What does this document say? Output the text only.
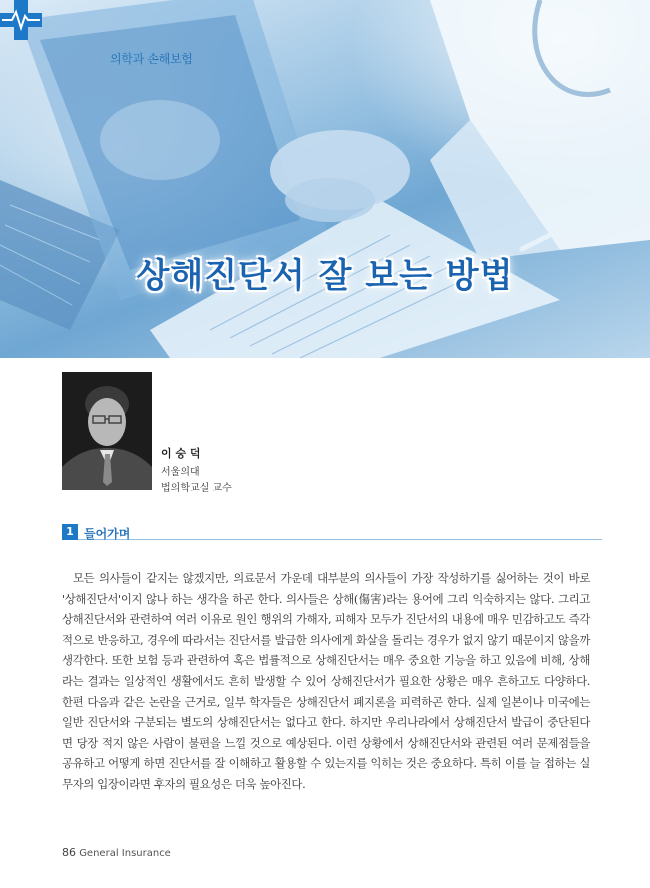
의학과 손해보험
상해진단서 잘 보는 방법
이 숭 덕
서울의대
법의학교실 교수
1 들어가며

모든 의사들이 같지는 않겠지만, 의료문서 가운데 대부분의 의사들이 가장 작성하기를 싫어하는 것이 바로 '상해진단서'이지 않나 하는 생각을 하곤 한다. 의사들은 상해(傷害)라는 용어에 그리 익숙하지는 않다. 그리고 상해진단서와 관련하여 여러 이유로 원인 행위의 가해자, 피해자 모두가 진단서의 내용에 매우 민감하고도 즉각적으로 반응하고, 경우에 따라서는 진단서를 발급한 의사에게 화살을 돌리는 경우가 없지 않기 때문이지 않을까 생각한다. 또한 보험 등과 관련하여 혹은 법률적으로 상해진단서는 매우 중요한 기능을 하고 있음에 비해, 상해라는 결과는 일상적인 생활에서도 흔히 발생할 수 있어 상해진단서가 필요한 상황은 매우 흔하고도 다양하다. 한편 다음과 같은 논란을 근거로, 일부 학자들은 상해진단서 폐지론을 피력하곤 한다. 실제 일본이나 미국에는 일반 진단서와 구분되는 별도의 상해진단서는 없다고 한다. 하지만 우리나라에서 상해진단서 발급이 중단된다면 당장 적지 않은 사람이 불편을 느낄 것으로 예상된다. 이런 상황에서 상해진단서와 관련된 여러 문제점들을 공유하고 어떻게 하면 진단서를 잘 이해하고 활용할 수 있는지를 익히는 것은 중요하다. 특히 이를 늘 접하는 실무자의 입장이라면 후자의 필요성은 더욱 높아진다.

86 General Insurance
